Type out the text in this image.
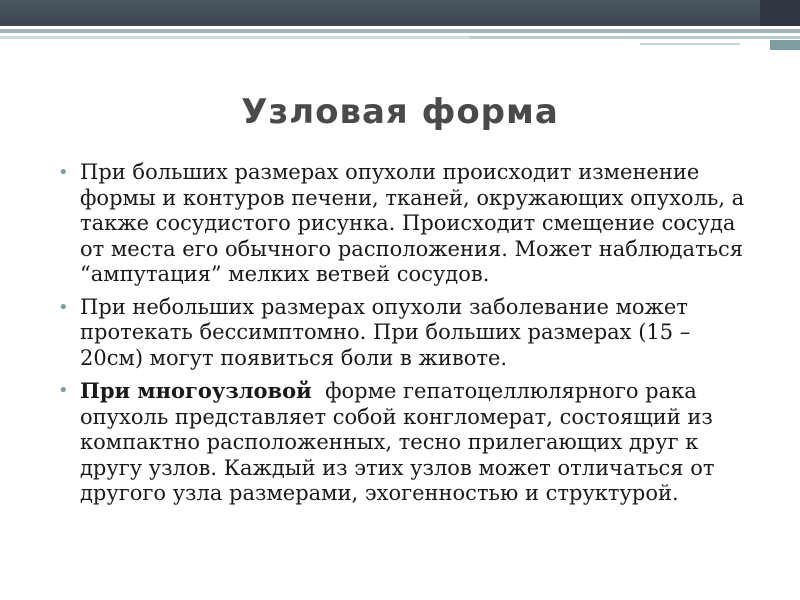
Узловая форма
• При больших размерах опухоли происходит изменение формы и контуров печени, тканей, окружающих опухоль, а также сосудистого рисунка. Происходит смещение сосуда от места его обычного расположения. Может наблюдаться “ампутация” мелких ветвей сосудов.
• При небольших размерах опухоли заболевание может протекать бессимптомно. При больших размерах (15 – 20см) могут появиться боли в животе.
• При многоузловой  форме гепатоцеллюлярного рака опухоль представляет собой конгломерат, состоящий из компактно расположенных, тесно прилегающих друг к другу узлов. Каждый из этих узлов может отличаться от другого узла размерами, эхогенностью и структурой.
